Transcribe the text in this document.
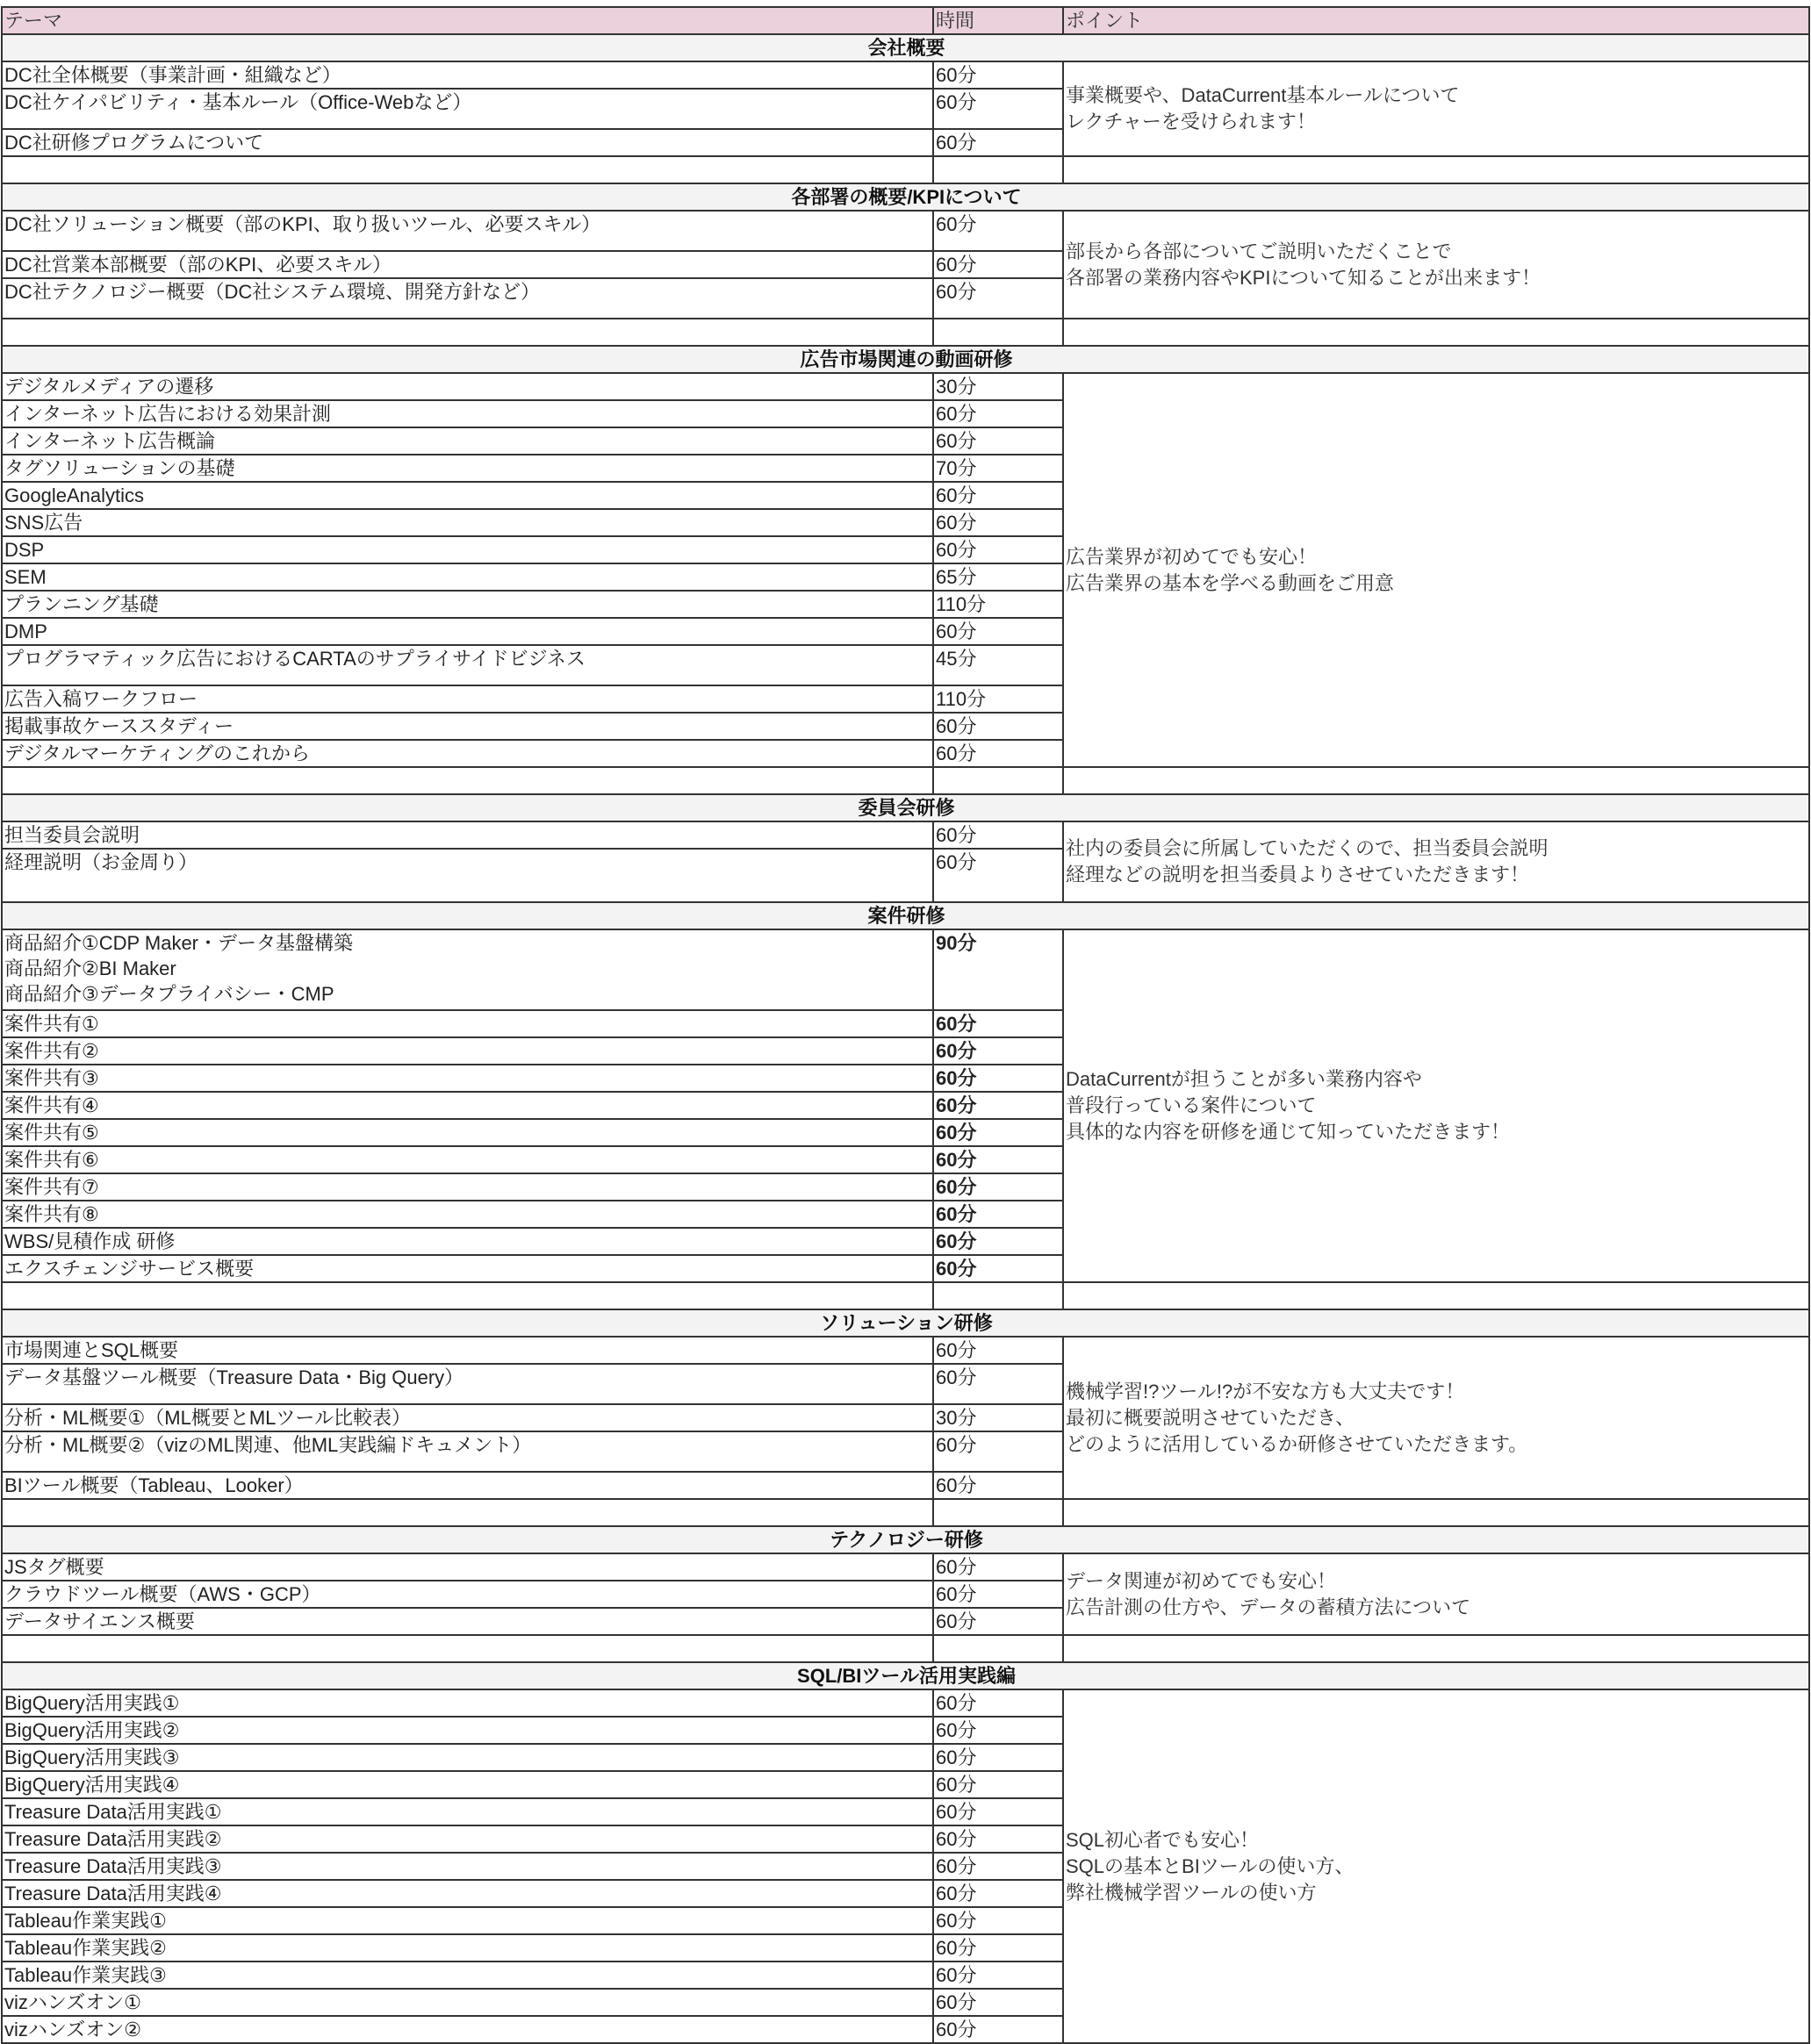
テーマ	時間	ポイント
会社概要		
DC社全体概要（事業計画・組織など）	60分	事業概要や、DataCurrent基本ルールについて
レクチャーを受けられます！
DC社ケイパビリティ・基本ルール（Office-Webなど）	60分	
DC社研修プログラムについて	60分	

各部署の概要/KPIについて		
DC社ソリューション概要（部のKPI、取り扱いツール、必要スキル）	60分	部長から各部についてご説明いただくことで
各部署の業務内容やKPIについて知ることが出来ます！
DC社営業本部概要（部のKPI、必要スキル）	60分	
DC社テクノロジー概要（DC社システム環境、開発方針など）	60分	

広告市場関連の動画研修		
デジタルメディアの遷移	30分	広告業界が初めてでも安心！
広告業界の基本を学べる動画をご用意
インターネット広告における効果計測	60分	
インターネット広告概論	60分	
タグソリューションの基礎	70分	
GoogleAnalytics	60分	
SNS広告	60分	
DSP	60分	
SEM	65分	
プランニング基礎	110分	
DMP	60分	
プログラマティック広告におけるCARTAのサプライサイドビジネス	45分	
広告入稿ワークフロー	110分	
掲載事故ケーススタディー	60分	
デジタルマーケティングのこれから	60分	

委員会研修		
担当委員会説明	60分	社内の委員会に所属していただくので、担当委員会説明
経理などの説明を担当委員よりさせていただきます！
経理説明（お金周り）	60分	
案件研修		
商品紹介①CDP Maker・データ基盤構築
商品紹介②BI Maker
商品紹介③データプライバシー・CMP	90分	DataCurrentが担うことが多い業務内容や
普段行っている案件について
具体的な内容を研修を通じて知っていただきます！
案件共有①	60分	
案件共有②	60分	
案件共有③	60分	
案件共有④	60分	
案件共有⑤	60分	
案件共有⑥	60分	
案件共有⑦	60分	
案件共有⑧	60分	
WBS/見積作成 研修	60分	
エクスチェンジサービス概要	60分	

ソリューション研修		
市場関連とSQL概要	60分	機械学習!?ツール!?が不安な方も大丈夫です！
最初に概要説明させていただき、
どのように活用しているか研修させていただきます。
データ基盤ツール概要（Treasure Data・Big Query）	60分	
分析・ML概要①（ML概要とMLツール比較表）	30分	
分析・ML概要②（vizのML関連、他ML実践編ドキュメント）	60分	
BIツール概要（Tableau、Looker）	60分	

テクノロジー研修		
JSタグ概要	60分	データ関連が初めてでも安心！
広告計測の仕方や、データの蓄積方法について
クラウドツール概要（AWS・GCP）	60分	
データサイエンス概要	60分	

SQL/BIツール活用実践編		
BigQuery活用実践①	60分	SQL初心者でも安心！
SQLの基本とBIツールの使い方、
弊社機械学習ツールの使い方
BigQuery活用実践②	60分	
BigQuery活用実践③	60分	
BigQuery活用実践④	60分	
Treasure Data活用実践①	60分	
Treasure Data活用実践②	60分	
Treasure Data活用実践③	60分	
Treasure Data活用実践④	60分	
Tableau作業実践①	60分	
Tableau作業実践②	60分	
Tableau作業実践③	60分	
vizハンズオン①	60分	
vizハンズオン②	60分	
